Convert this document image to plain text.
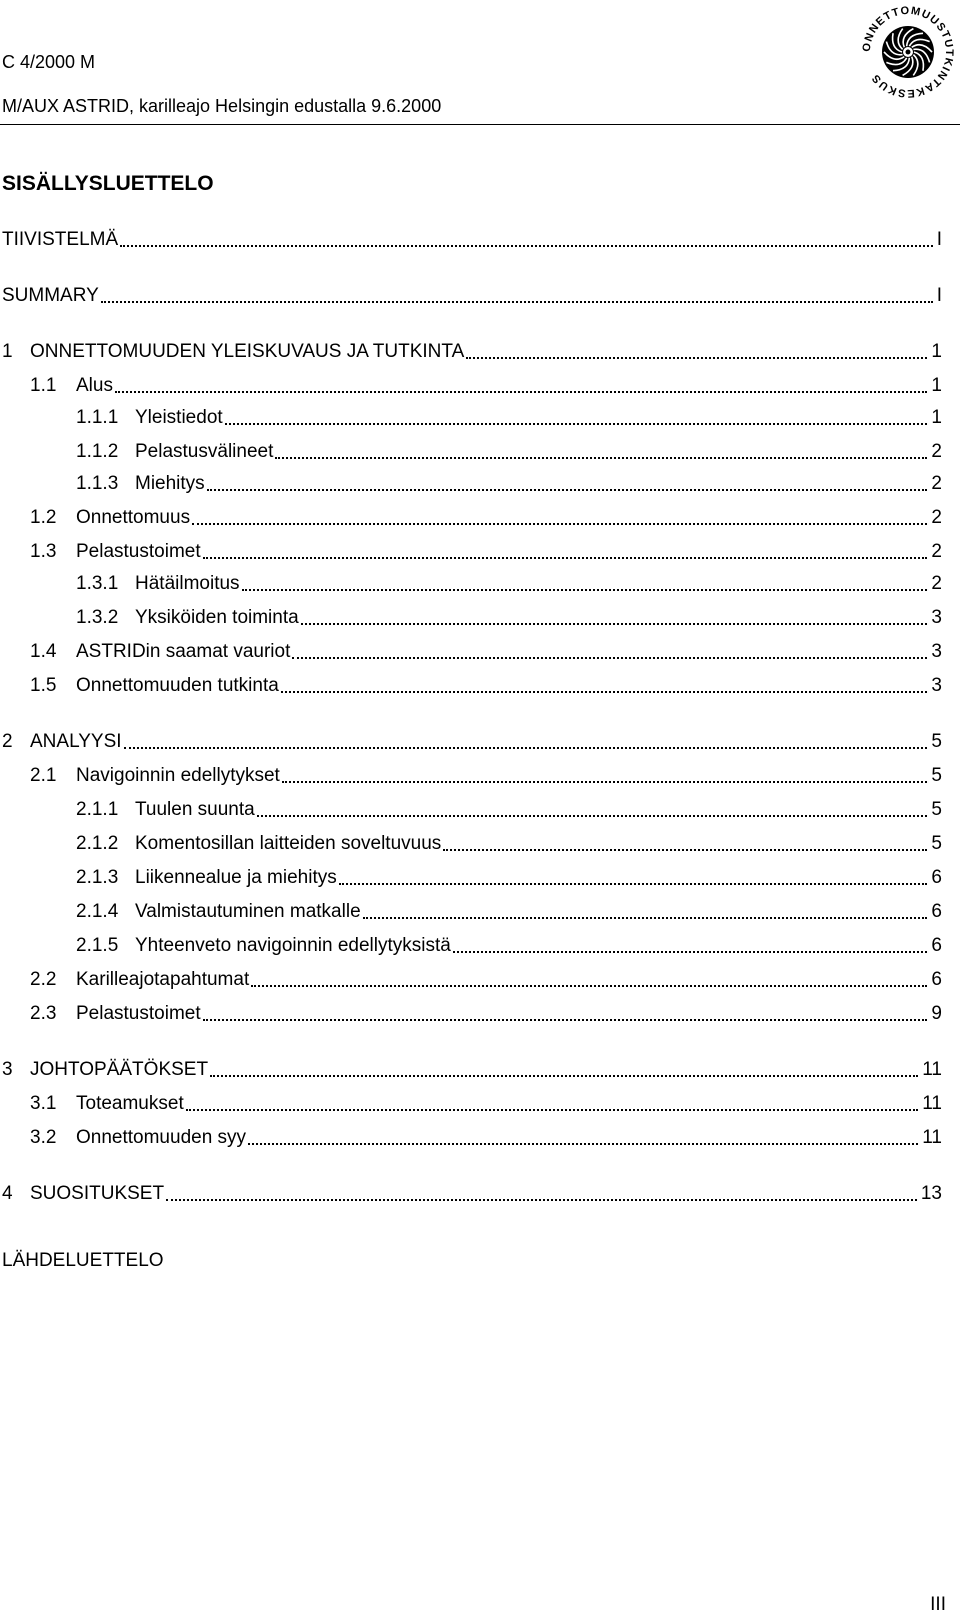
C 4/2000 M
M/AUX ASTRID, karilleajo Helsingin edustalla 9.6.2000
ONNETTOMUUSTUTKINTAKESKUS
SISÄLLYSLUETTELO
TIIVISTELMÄ	I
SUMMARY	I
1 ONNETTOMUUDEN YLEISKUVAUS JA TUTKINTA	1
1.1	Alus	1
1.1.1 Yleistiedot	1
1.1.2 Pelastusvälineet	2
1.1.3 Miehitys	2
1.2	Onnettomuus	2
1.3	Pelastustoimet	2
1.3.1 Hätäilmoitus	2
1.3.2 Yksiköiden toiminta	3
1.4	ASTRIDin saamat vauriot	3
1.5	Onnettomuuden tutkinta	3
2 ANALYYSI	5
2.1	Navigoinnin edellytykset	5
2.1.1 Tuulen suunta	5
2.1.2 Komentosillan laitteiden soveltuvuus	5
2.1.3 Liikennealue ja miehitys	6
2.1.4 Valmistautuminen matkalle	6
2.1.5 Yhteenveto navigoinnin edellytyksistä	6
2.2	Karilleajotapahtumat	6
2.3	Pelastustoimet	9
3 JOHTOPÄÄTÖKSET	11
3.1	Toteamukset	11
3.2	Onnettomuuden syy	11
4 SUOSITUKSET	13
LÄHDELUETTELO
III
